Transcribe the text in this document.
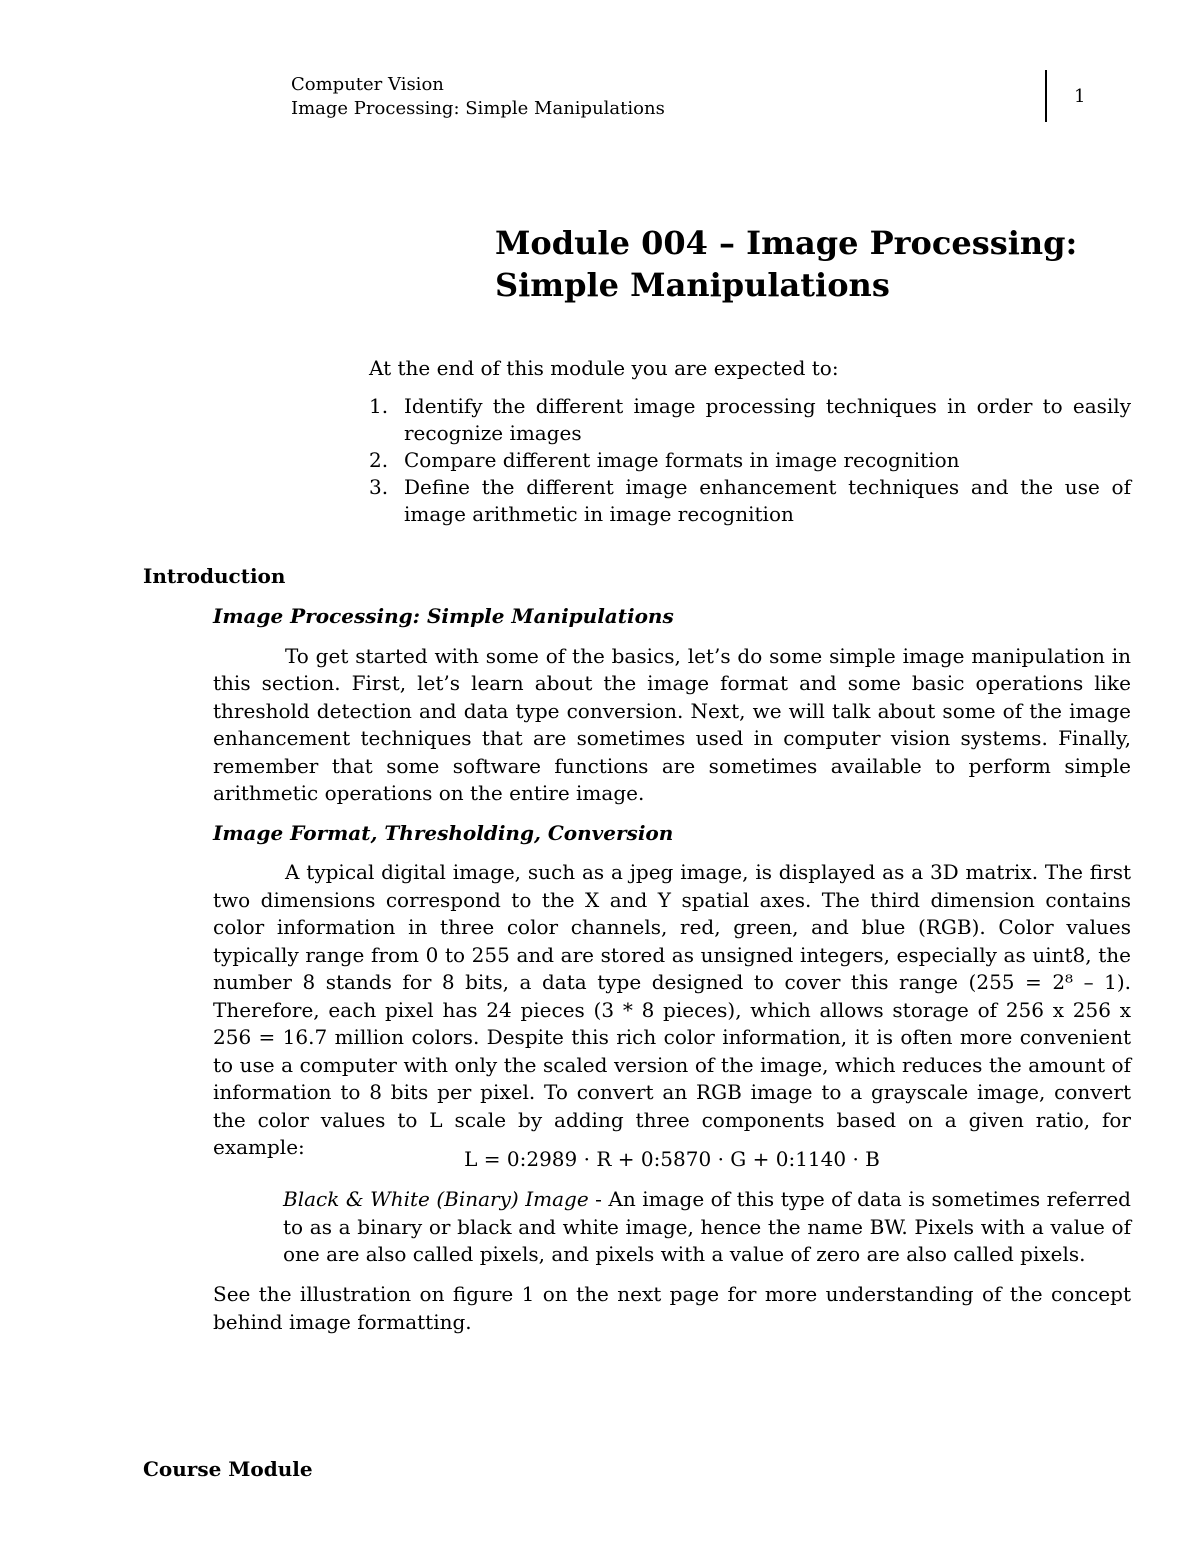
Computer Vision
Image Processing: Simple Manipulations
1
Module 004 – Image Processing: Simple Manipulations
At the end of this module you are expected to:
1. Identify the different image processing techniques in order to easily recognize images
2. Compare different image formats in image recognition
3. Define the different image enhancement techniques and the use of image arithmetic in image recognition
Introduction
Image Processing: Simple Manipulations
To get started with some of the basics, let’s do some simple image manipulation in this section. First, let’s learn about the image format and some basic operations like threshold detection and data type conversion. Next, we will talk about some of the image enhancement techniques that are sometimes used in computer vision systems. Finally, remember that some software functions are sometimes available to perform simple arithmetic operations on the entire image.
Image Format, Thresholding, Conversion
A typical digital image, such as a jpeg image, is displayed as a 3D matrix. The first two dimensions correspond to the X and Y spatial axes. The third dimension contains color information in three color channels, red, green, and blue (RGB). Color values typically range from 0 to 255 and are stored as unsigned integers, especially as uint8, the number 8 stands for 8 bits, a data type designed to cover this range (255 = 2⁸ – 1). Therefore, each pixel has 24 pieces (3 * 8 pieces), which allows storage of 256 x 256 x 256 = 16.7 million colors. Despite this rich color information, it is often more convenient to use a computer with only the scaled version of the image, which reduces the amount of information to 8 bits per pixel. To convert an RGB image to a grayscale image, convert the color values to L scale by adding three components based on a given ratio, for example:	L = 0:2989 · R + 0:5870 · G + 0:1140 · B
Black & White (Binary) Image - An image of this type of data is sometimes referred to as a binary or black and white image, hence the name BW. Pixels with a value of one are also called pixels, and pixels with a value of zero are also called pixels.
See the illustration on figure 1 on the next page for more understanding of the concept behind image formatting.
Course Module
